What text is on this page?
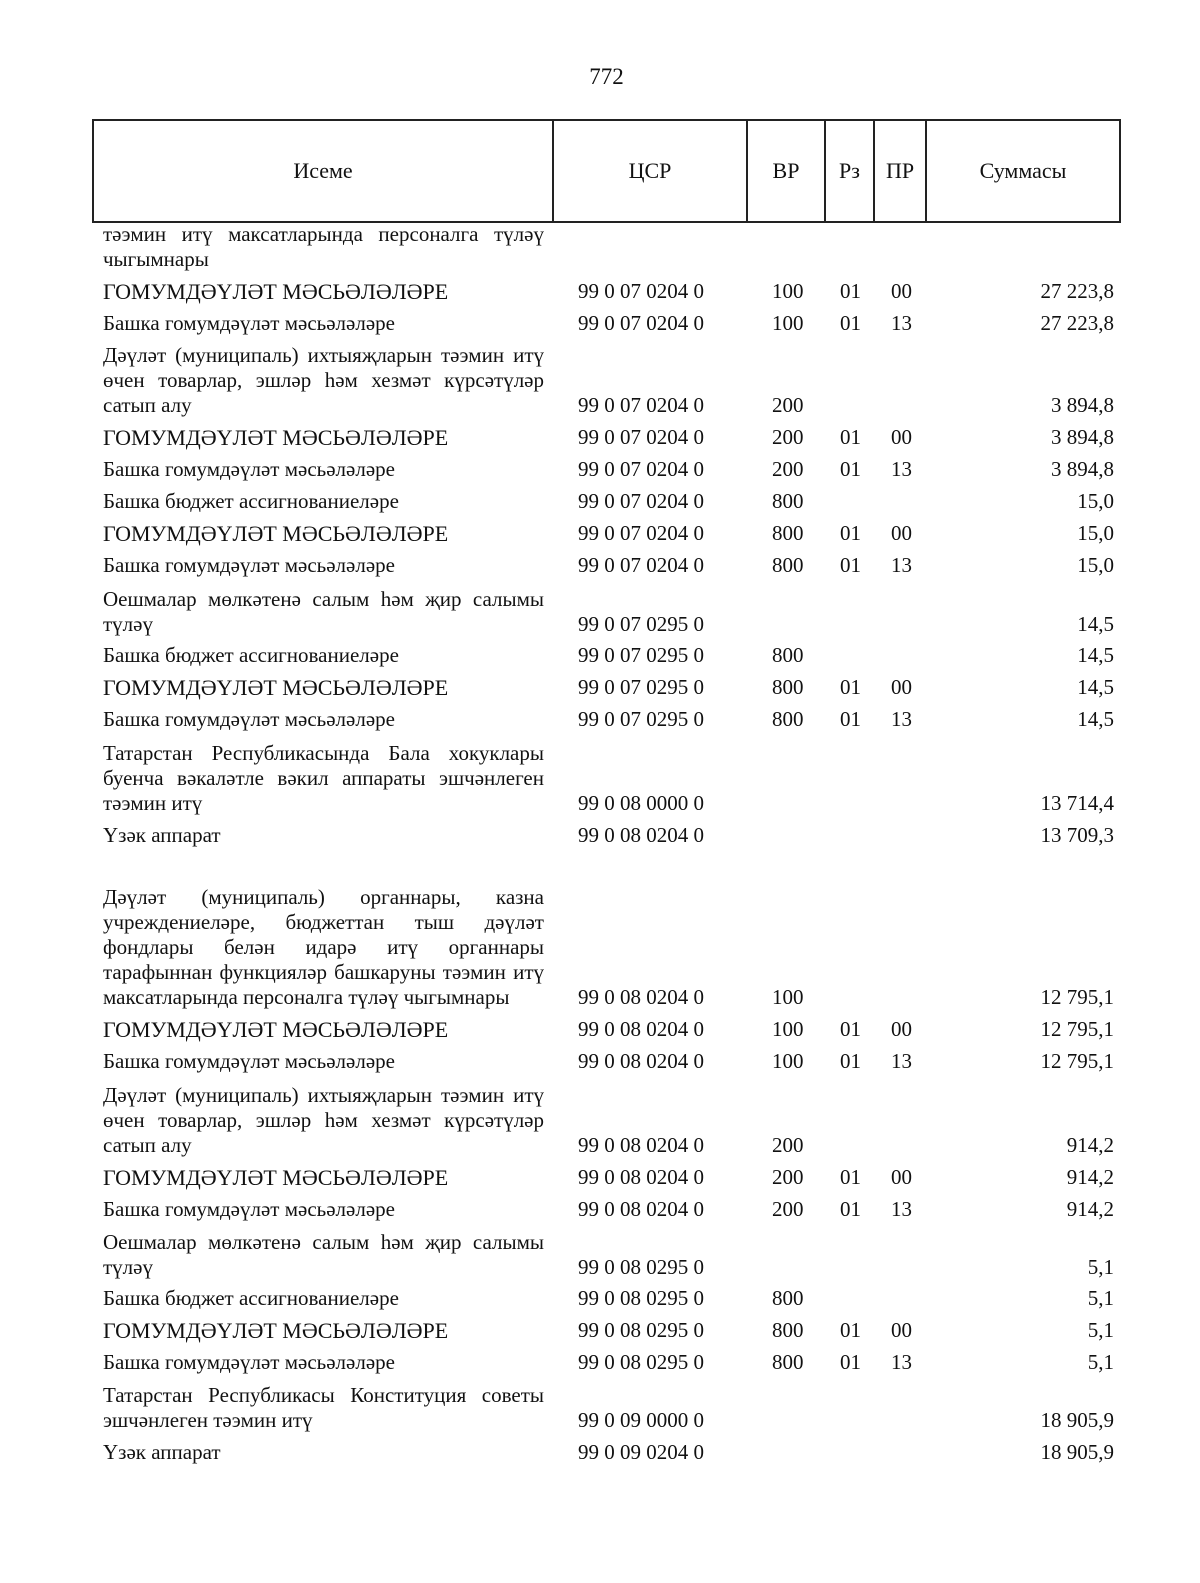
772
Исеме	ЦСР	ВР	Рз	ПР	Суммасы
тәэмин итү максатларында персоналга түләү чыгымнары
ГОМУМДӘҮЛӘТ МӘСЬӘЛӘЛӘРЕ	99 0 07 0204 0	100 01 00	27 223,8
Башка гомумдәүләт мәсьәләләре	99 0 07 0204 0	100 01 13	27 223,8
Дәүләт (муниципаль) ихтыяҗларын тәэмин итү өчен товарлар, эшләр һәм хезмәт күрсәтүләр сатып алу	99 0 07 0204 0	200	3 894,8
ГОМУМДӘҮЛӘТ МӘСЬӘЛӘЛӘРЕ	99 0 07 0204 0	200 01 00	3 894,8
Башка гомумдәүләт мәсьәләләре	99 0 07 0204 0	200 01 13	3 894,8
Башка бюджет ассигнованиеләре	99 0 07 0204 0	800	15,0
ГОМУМДӘҮЛӘТ МӘСЬӘЛӘЛӘРЕ	99 0 07 0204 0	800 01 00	15,0
Башка гомумдәүләт мәсьәләләре	99 0 07 0204 0	800 01 13	15,0
Оешмалар мөлкәтенә салым һәм җир салымы түләү	99 0 07 0295 0	14,5
Башка бюджет ассигнованиеләре	99 0 07 0295 0	800	14,5
ГОМУМДӘҮЛӘТ МӘСЬӘЛӘЛӘРЕ	99 0 07 0295 0	800 01 00	14,5
Башка гомумдәүләт мәсьәләләре	99 0 07 0295 0	800 01 13	14,5
Татарстан Республикасында Бала хокуклары буенча вәкаләтле вәкил аппараты эшчәнлеген тәэмин итү	99 0 08 0000 0	13 714,4
Үзәк аппарат	99 0 08 0204 0	13 709,3
Дәүләт (муниципаль) органнары, казна учреждениеләре, бюджеттан тыш дәүләт фондлары белән идарә итү органнары тарафыннан функцияләр башкаруны тәэмин итү максатларында персоналга түләү чыгымнары	99 0 08 0204 0	100	12 795,1
ГОМУМДӘҮЛӘТ МӘСЬӘЛӘЛӘРЕ	99 0 08 0204 0	100 01 00	12 795,1
Башка гомумдәүләт мәсьәләләре	99 0 08 0204 0	100 01 13	12 795,1
Дәүләт (муниципаль) ихтыяҗларын тәэмин итү өчен товарлар, эшләр һәм хезмәт күрсәтүләр сатып алу	99 0 08 0204 0	200	914,2
ГОМУМДӘҮЛӘТ МӘСЬӘЛӘЛӘРЕ	99 0 08 0204 0	200 01 00	914,2
Башка гомумдәүләт мәсьәләләре	99 0 08 0204 0	200 01 13	914,2
Оешмалар мөлкәтенә салым һәм җир салымы түләү	99 0 08 0295 0	5,1
Башка бюджет ассигнованиеләре	99 0 08 0295 0	800	5,1
ГОМУМДӘҮЛӘТ МӘСЬӘЛӘЛӘРЕ	99 0 08 0295 0	800 01 00	5,1
Башка гомумдәүләт мәсьәләләре	99 0 08 0295 0	800 01 13	5,1
Татарстан Республикасы Конституция советы эшчәнлеген тәэмин итү	99 0 09 0000 0	18 905,9
Үзәк аппарат	99 0 09 0204 0	18 905,9
